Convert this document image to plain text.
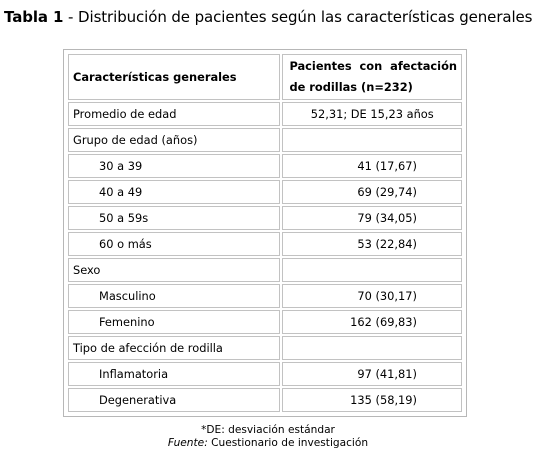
Tabla 1 - Distribución de pacientes según las características generales
Características generales	Pacientes  con  afectación
de rodillas (n=232)
Promedio de edad	52,31; DE 15,23 años
Grupo de edad (años)	
30 a 39	41 (17,67)
40 a 49	69 (29,74)
50 a 59s	79 (34,05)
60 o más	53 (22,84)
Sexo	
Masculino	70 (30,17)
Femenino	162 (69,83)
Tipo de afección de rodilla	
Inflamatoria	97 (41,81)
Degenerativa	135 (58,19)
*DE: desviación estándar
Fuente: Cuestionario de investigación
